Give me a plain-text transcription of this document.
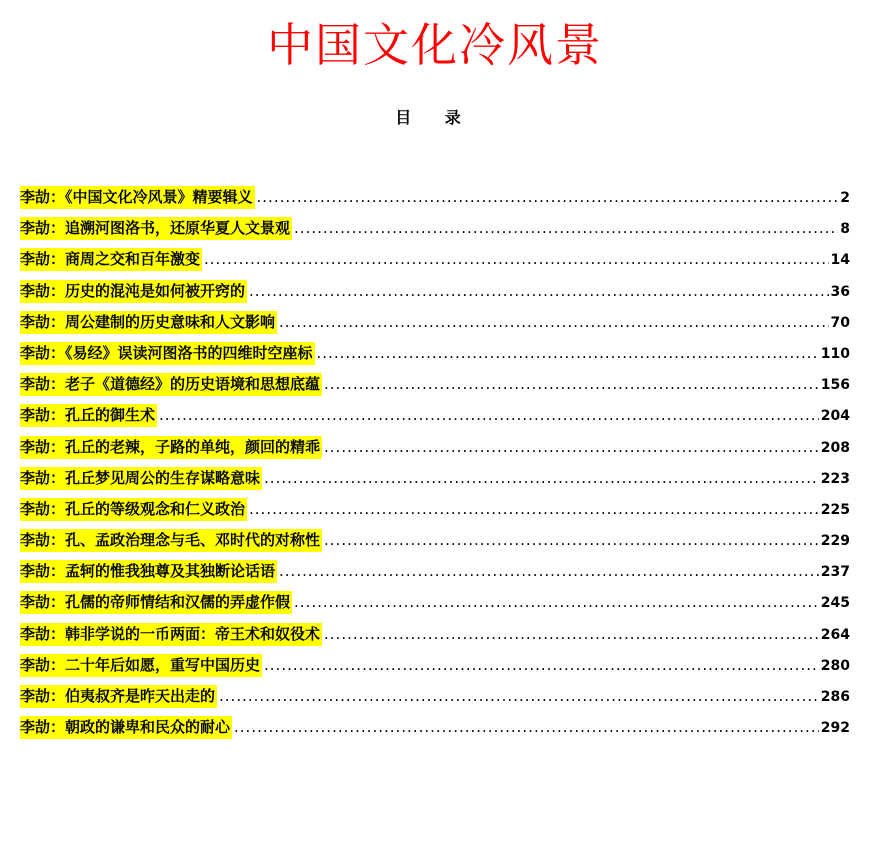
中国文化冷风景
目 录
李劼：《中国文化冷风景》精要辑义 .....	2
李劼：追溯河图洛书，还原华夏人文景观 .....	8
李劼：商周之交和百年激变 .....	14
李劼：历史的混沌是如何被开窍的 .....	36
李劼：周公建制的历史意味和人文影响 .....	70
李劼：《易经》误读河图洛书的四维时空座标 .....	110
李劼：老子《道德经》的历史语境和思想底蕴 .....	156
李劼：孔丘的御生术 .....	204
李劼：孔丘的老辣，子路的单纯，颜回的精乖 .....	208
李劼：孔丘梦见周公的生存谋略意味 .....	223
李劼：孔丘的等级观念和仁义政治 .....	225
李劼：孔、孟政治理念与毛、邓时代的对称性 .....	229
李劼：孟轲的惟我独尊及其独断论话语 .....	237
李劼：孔儒的帝师情结和汉儒的弄虚作假 .....	245
李劼：韩非学说的一币两面：帝王术和奴役术 .....	264
李劼：二十年后如愿，重写中国历史 .....	280
李劼：伯夷叔齐是昨天出走的 .....	286
李劼：朝政的谦卑和民众的耐心 .....	292
